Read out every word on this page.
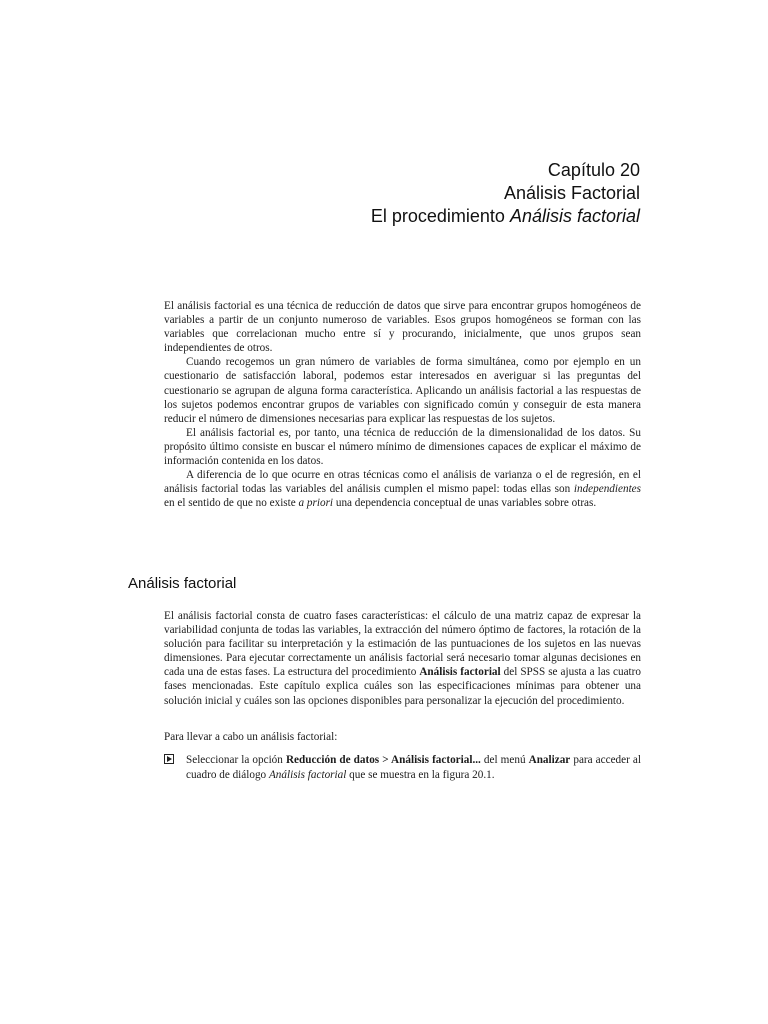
Capítulo 20
Análisis Factorial
El procedimiento Análisis factorial

El análisis factorial es una técnica de reducción de datos que sirve para encontrar grupos homogéneos de variables a partir de un conjunto numeroso de variables. Esos grupos homogéneos se forman con las variables que correlacionan mucho entre sí y procurando, inicialmente, que unos grupos sean independientes de otros.

Cuando recogemos un gran número de variables de forma simultánea, como por ejemplo en un cuestionario de satisfacción laboral, podemos estar interesados en averiguar si las preguntas del cuestionario se agrupan de alguna forma característica. Aplicando un análisis factorial a las respuestas de los sujetos podemos encontrar grupos de variables con significado común y conseguir de esta manera reducir el número de dimensiones necesarias para explicar las respuestas de los sujetos.

El análisis factorial es, por tanto, una técnica de reducción de la dimensionalidad de los datos. Su propósito último consiste en buscar el número mínimo de dimensiones capaces de explicar el máximo de información contenida en los datos.

A diferencia de lo que ocurre en otras técnicas como el análisis de varianza o el de regresión, en el análisis factorial todas las variables del análisis cumplen el mismo papel: todas ellas son independientes en el sentido de que no existe a priori una dependencia conceptual de unas variables sobre otras.

Análisis factorial

El análisis factorial consta de cuatro fases características: el cálculo de una matriz capaz de expresar la variabilidad conjunta de todas las variables, la extracción del número óptimo de factores, la rotación de la solución para facilitar su interpretación y la estimación de las puntuaciones de los sujetos en las nuevas dimensiones. Para ejecutar correctamente un análisis factorial será necesario tomar algunas decisiones en cada una de estas fases. La estructura del procedimiento Análisis factorial del SPSS se ajusta a las cuatro fases mencionadas. Este capítulo explica cuáles son las especificaciones mínimas para obtener una solución inicial y cuáles son las opciones disponibles para personalizar la ejecución del procedimiento.

Para llevar a cabo un análisis factorial:
Seleccionar la opción Reducción de datos > Análisis factorial... del menú Analizar para acceder al cuadro de diálogo Análisis factorial que se muestra en la figura 20.1.
